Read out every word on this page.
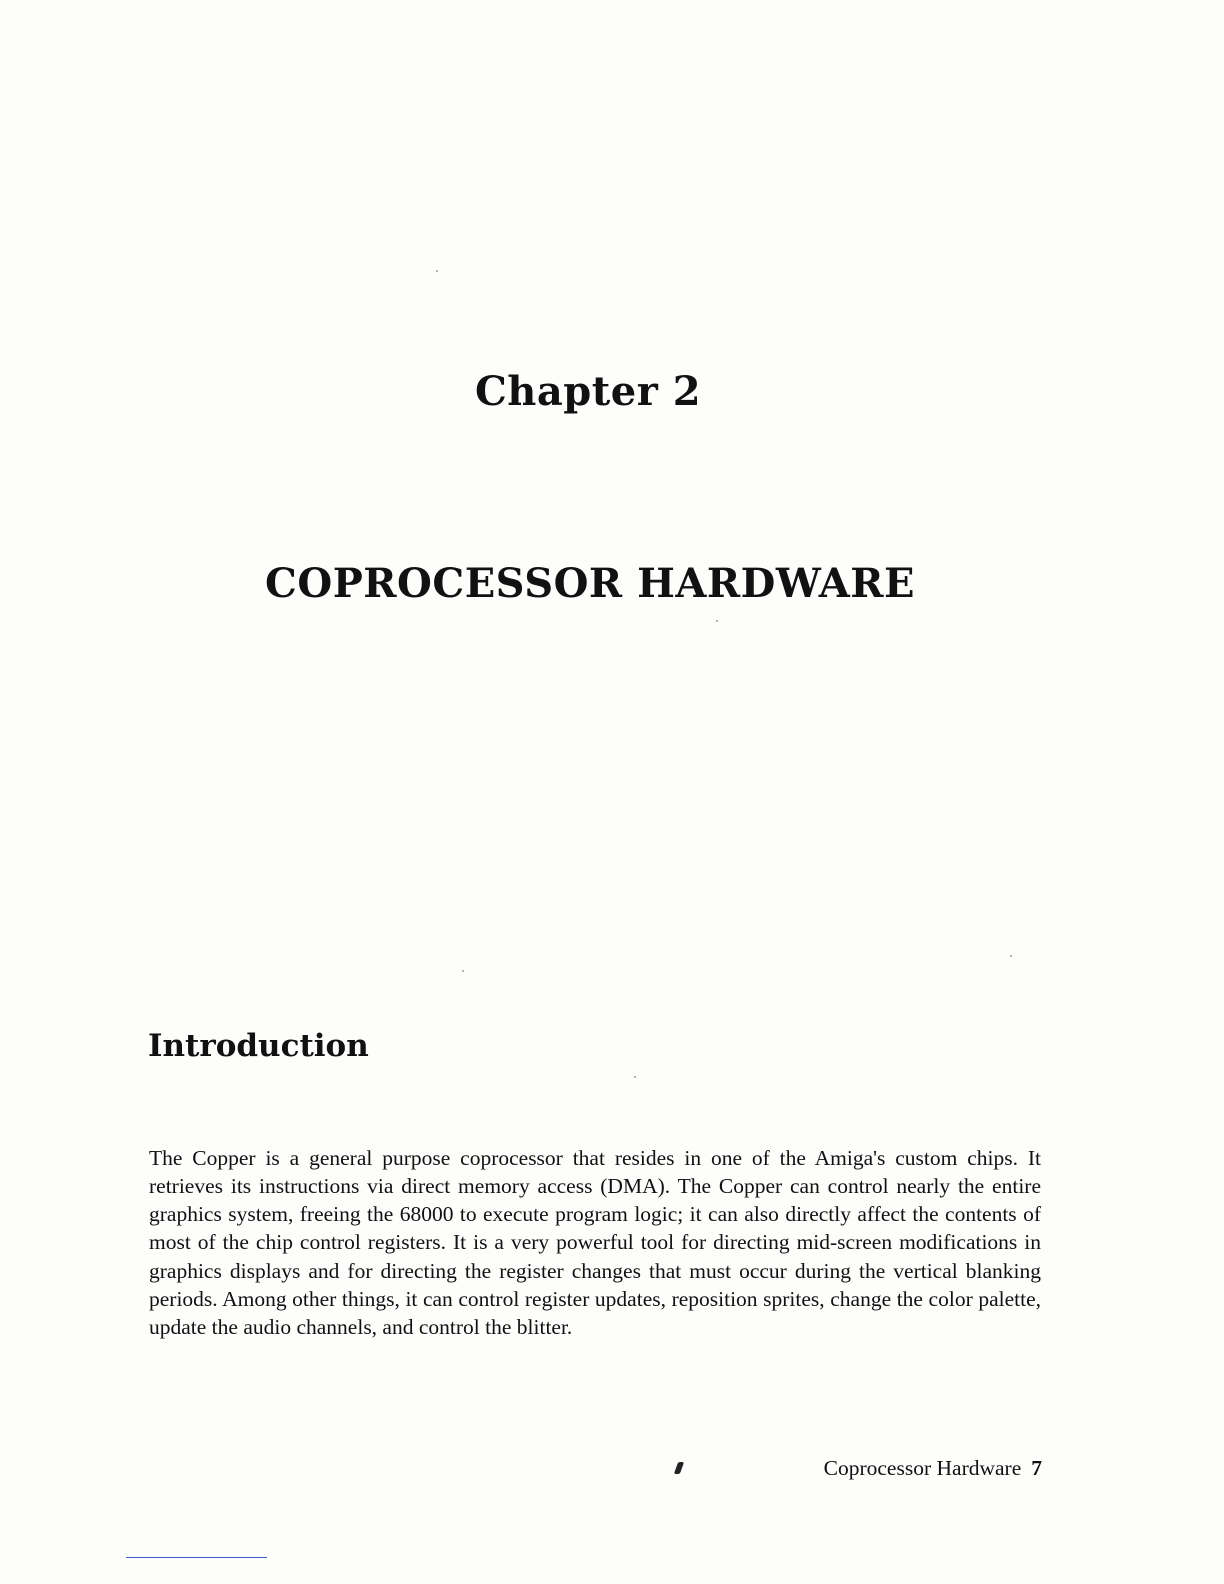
Chapter 2
COPROCESSOR HARDWARE
Introduction

The Copper is a general purpose coprocessor that resides in one of the Amiga's custom chips. It retrieves its instructions via direct memory access (DMA). The Copper can control nearly the entire graphics system, freeing the 68000 to execute program logic; it can also directly affect the contents of most of the chip control registers. It is a very powerful tool for directing mid-screen modifications in graphics displays and for directing the register changes that must occur during the vertical blanking periods. Among other things, it can control register updates, reposition sprites, change the color palette, update the audio channels, and control the blitter.

Coprocessor Hardware 7
